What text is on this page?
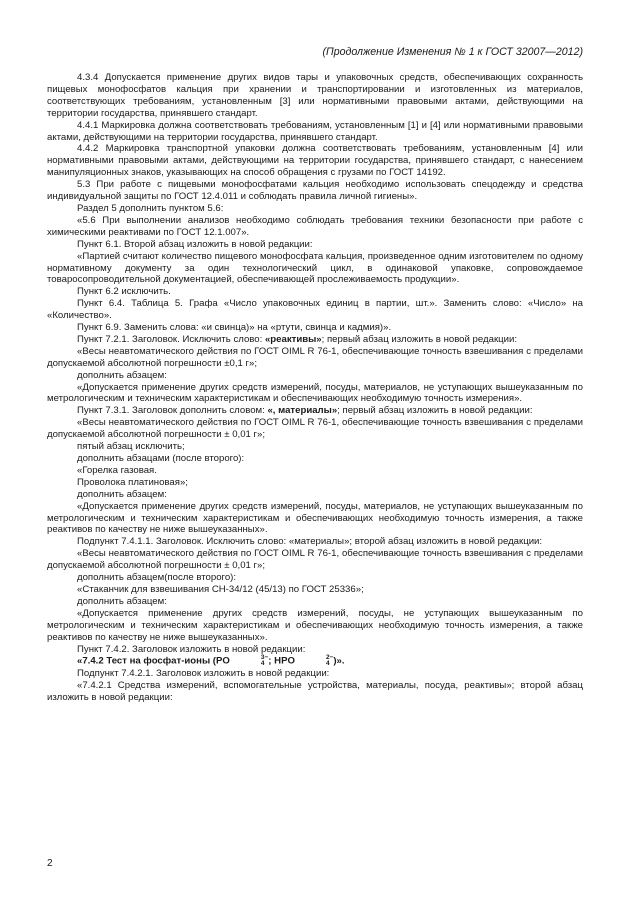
(Продолжение Изменения № 1 к ГОСТ 32007—2012)

4.3.4 Допускается применение других видов тары и упаковочных средств, обеспечивающих сохранность пищевых монофосфатов кальция при хранении и транспортировании и изготовленных из материалов, соответствующих требованиям, установленным [3] или нормативными правовыми актами, действующими на территории государства, принявшего стандарт.

4.4.1 Маркировка должна соответствовать требованиям, установленным [1] и [4] или нормативными правовыми актами, действующими на территории государства, принявшего стандарт.

4.4.2 Маркировка транспортной упаковки должна соответствовать требованиям, установленным [4] или нормативными правовыми актами, действующими на территории государства, принявшего стандарт, с нанесением манипуляционных знаков, указывающих на способ обращения с грузами по ГОСТ 14192.

5.3 При работе с пищевыми монофосфатами кальция необходимо использовать спецодежду и средства индивидуальной защиты по ГОСТ 12.4.011 и соблюдать правила личной гигиены».

Раздел 5 дополнить пунктом 5.6:

«5.6 При выполнении анализов необходимо соблюдать требования техники безопасности при работе с химическими реактивами по ГОСТ 12.1.007».

Пункт 6.1. Второй абзац изложить в новой редакции:

«Партией считают количество пищевого монофосфата кальция, произведенное одним изготовителем по одному нормативному документу за один технологический цикл, в одинаковой упаковке, сопровождаемое товаросопроводительной документацией, обеспечивающей прослеживаемость продукции».

Пункт 6.2 исключить.

Пункт 6.4. Таблица 5. Графа «Число упаковочных единиц в партии, шт.». Заменить слово: «Число» на «Количество».

Пункт 6.9. Заменить слова: «и свинца)» на «ртути, свинца и кадмия)».

Пункт 7.2.1. Заголовок. Исключить слово: «реактивы»; первый абзац изложить в новой редакции:

«Весы неавтоматического действия по ГОСТ OIML R 76-1, обеспечивающие точность взвешивания с пределами допускаемой абсолютной погрешности ±0,1 г»;

дополнить абзацем:

«Допускается применение других средств измерений, посуды, материалов, не уступающих вышеуказанным по метрологическим и техническим характеристикам и обеспечивающих необходимую точность измерения».

Пункт 7.3.1. Заголовок дополнить словом: «, материалы»; первый абзац изложить в новой редакции:

«Весы неавтоматического действия по ГОСТ OIML R 76-1, обеспечивающие точность взвешивания с пределами допускаемой абсолютной погрешности ± 0,01 г»;

пятый абзац исключить;

дополнить абзацами (после второго):

«Горелка газовая.

Проволока платиновая»;

дополнить абзацем:

«Допускается применение других средств измерений, посуды, материалов, не уступающих вышеуказанным по метрологическим и техническим характеристикам и обеспечивающих необходимую точность измерения, а также реактивов по качеству не ниже вышеуказанных».

Подпункт 7.4.1.1. Заголовок. Исключить слово: «материалы»; второй абзац изложить в новой редакции:

«Весы неавтоматического действия по ГОСТ OIML R 76-1, обеспечивающие точность взвешивания с пределами допускаемой абсолютной погрешности ± 0,01 г»;

дополнить абзацем(после второго):

«Стаканчик для взвешивания СН-34/12 (45/13) по ГОСТ 25336»;

дополнить абзацем:

«Допускается применение других средств измерений, посуды, не уступающих вышеуказанным по метрологическим и техническим характеристикам и обеспечивающих необходимую точность измерения, а также реактивов по качеству не ниже вышеуказанных».

Пункт 7.4.2. Заголовок изложить в новой редакции:

«7.4.2 Тест на фосфат-ионы (PO	3−
4 ; HPO	2−
4 )».

Подпункт 7.4.2.1. Заголовок изложить в новой редакции:

«7.4.2.1 Средства измерений, вспомогательные устройства, материалы, посуда, реактивы»; второй абзац изложить в новой редакции:

2
